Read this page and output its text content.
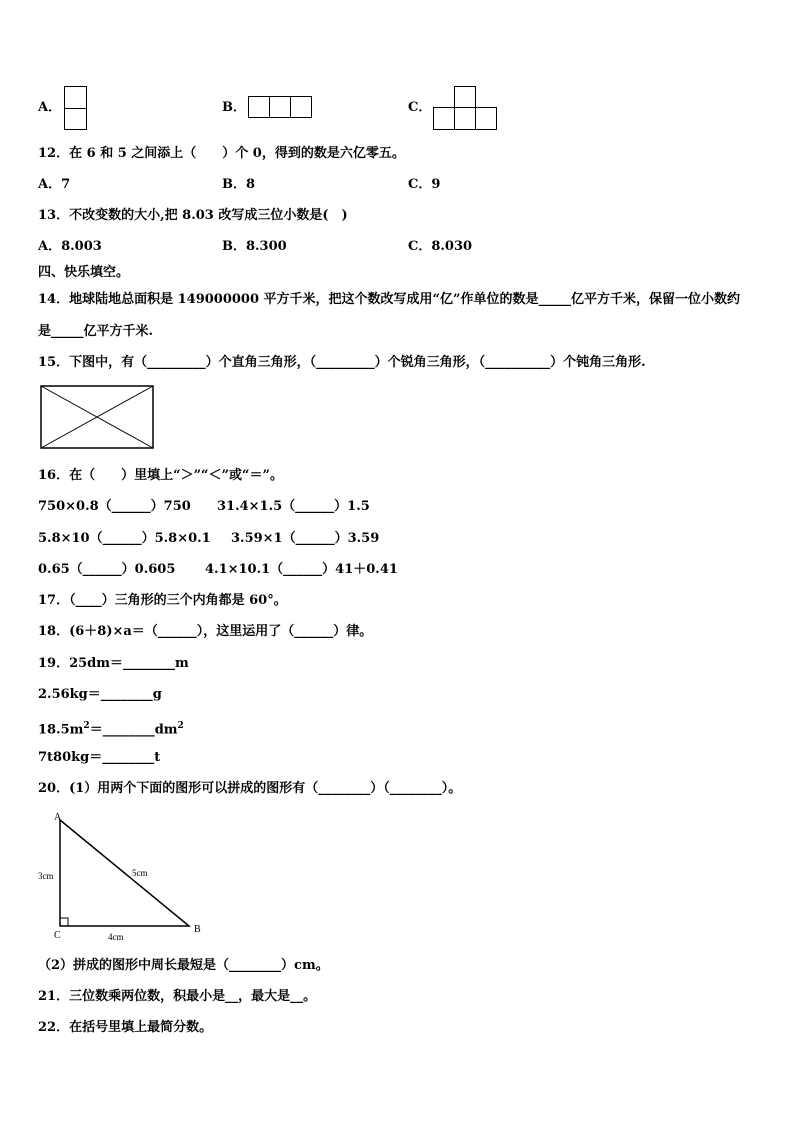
A．	B．	C．
12．在 6 和 5 之间添上（　　）个 0，得到的数是六亿零五。
A．7	B．8	C．9
13．不改变数的大小,把 8.03 改写成三位小数是(　)
A．8.003	B．8.300	C．8.030
四、快乐填空。
14．地球陆地总面积是 149000000 平方千米，把这个数改写成用“亿”作单位的数是_____亿平方千米，保留一位小数约
是_____亿平方千米.
15．下图中，有（_________）个直角三角形，（_________）个锐角三角形，（__________）个钝角三角形.
16．在（　　）里填上“＞”“＜”或“＝”。
750×0.8（______）750 31.4×1.5（______）1.5
5.8×10（______）5.8×0.1 3.59×1（______）3.59
0.65（______）0.605 4.1×10.1（______）41＋0.41
17．（____）三角形的三个内角都是 60°。
18．(6＋8)×a＝（______），这里运用了（______）律。
19．25dm＝________m
2.56kg＝________g
$18.5m^2=\_\_\_\_\_\_\_\_dm^2$
7t80kg＝________t
20．(1）用两个下面的图形可以拼成的图形有（________）（________）。
A
B
C
3cm
4cm
5cm
（2）拼成的图形中周长最短是（________）cm。
21．三位数乘两位数，积最小是__，最大是__。
22．在括号里填上最简分数。
